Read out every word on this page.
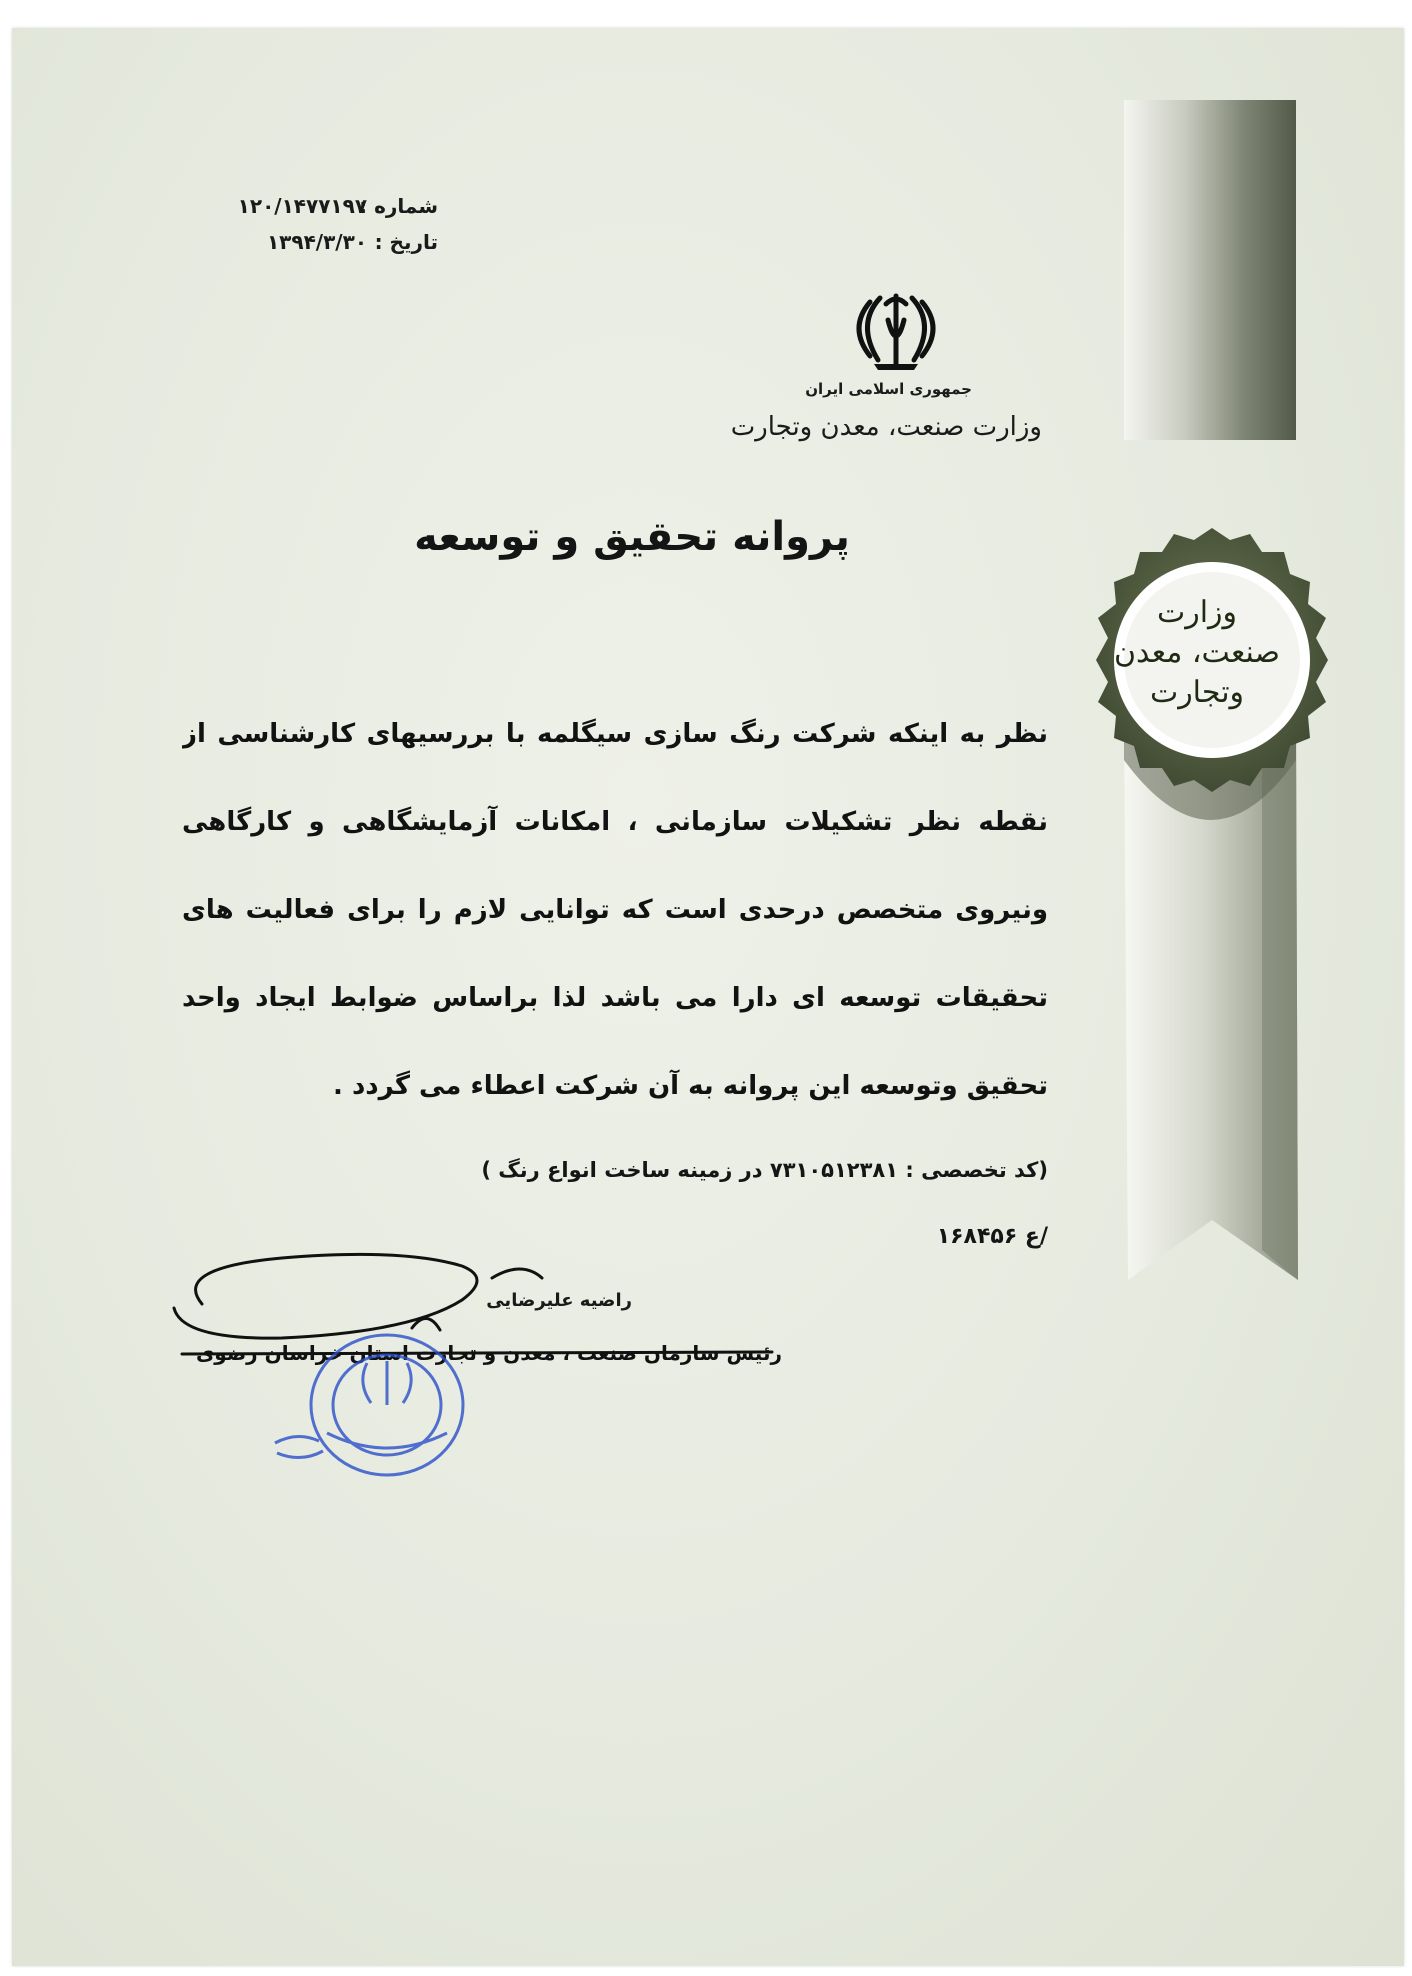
وزارت
صنعت، معدن
وتجارت
شماره : ۱۲۰/۱۴۷۷۱۹۷
تاریخ : ۱۳۹۴/۳/۳۰
جمهوری اسلامی ایران
وزارت صنعت، معدن وتجارت
پروانه تحقیق و توسعه
نظر به اینکه شرکت رنگ سازی سیگلمه با بررسیهای کارشناسی از
نقطه نظر تشکیلات سازمانی ، امکانات آزمایشگاهی و کارگاهی
ونیروی متخصص درحدی است که توانایی لازم را برای فعالیت های
تحقیقات توسعه ای دارا می باشد لذا براساس ضوابط ایجاد واحد
تحقیق وتوسعه این پروانه به آن شرکت اعطاء می گردد .
(کد تخصصی : ۷۳۱۰۵۱۲۳۸۱ در زمینه ساخت انواع رنگ )
/ع ۱۶۸۴۵۶
راضیه علیرضایی
رئیس سازمان صنعت ، معدن و تجارت استان خراسان رضوی
